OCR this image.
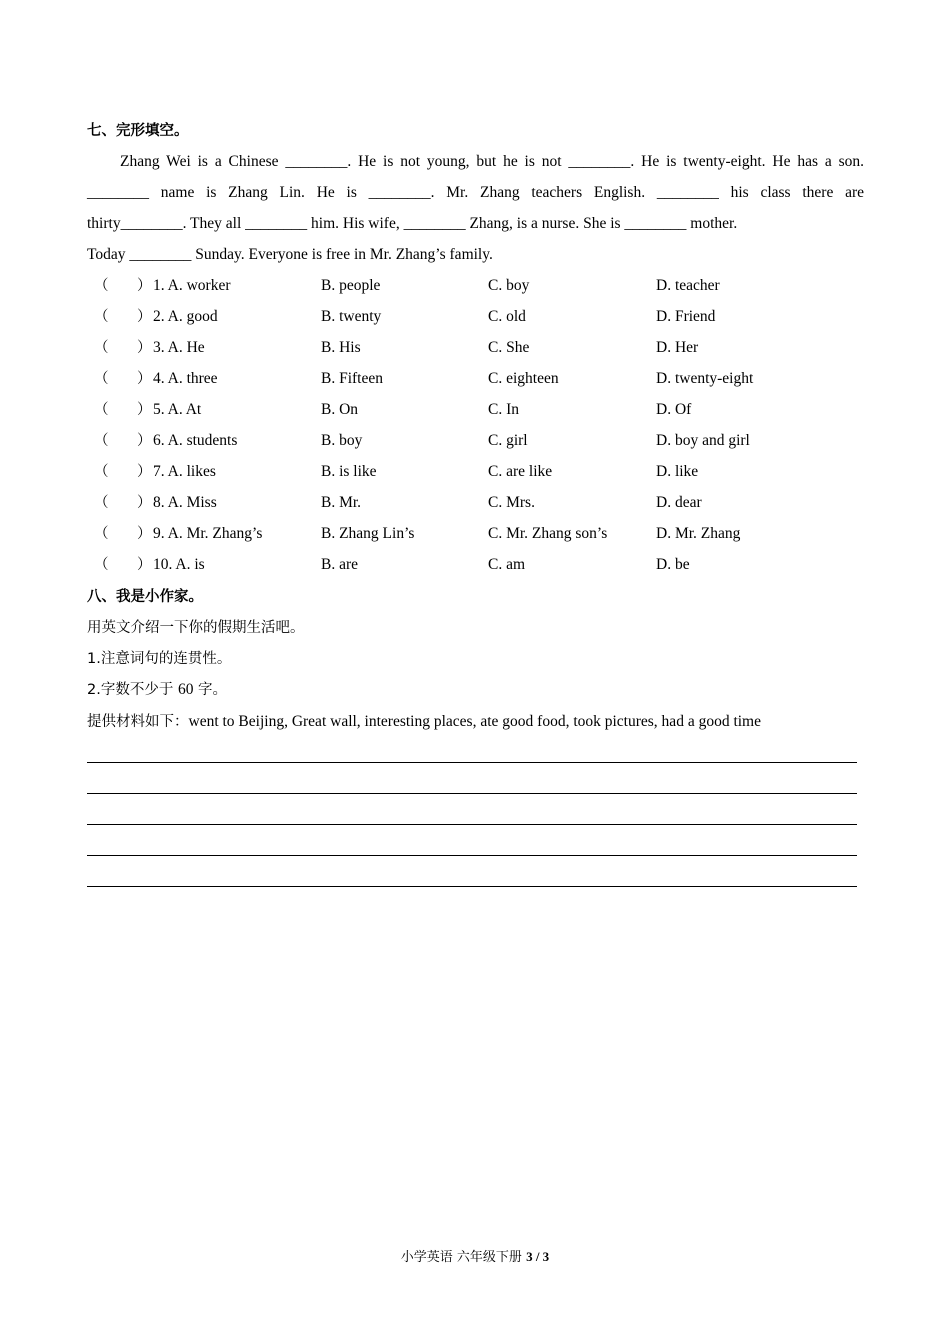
七、完形填空。
Zhang Wei is a Chinese ________. He is not young, but he is not ________. He is twenty-eight. He has a son.
________ name is Zhang Lin. He is ________. Mr. Zhang teachers English. ________ his class there are
thirty________. They all ________ him. His wife, ________ Zhang, is a nurse. She is ________ mother.
Today ________ Sunday. Everyone is free in Mr. Zhang’s family.
（ ） 1. A. worker	B. people	C. boy	D. teacher
（ ） 2. A. good	B. twenty	C. old	D. Friend
（ ） 3. A. He	B. His	C. She	D. Her
（ ） 4. A. three	B. Fifteen	C. eighteen	D. twenty-eight
（ ） 5. A. At	B. On	C. In	D. Of
（ ） 6. A. students	B. boy	C. girl	D. boy and girl
（ ） 7. A. likes	B. is like	C. are like	D. like
（ ） 8. A. Miss	B. Mr.	C. Mrs.	D. dear
（ ） 9. A. Mr. Zhang’s	B. Zhang Lin’s	C. Mr. Zhang son’s	D. Mr. Zhang
（ ） 10. A. is	B. are	C. am	D. be
八、我是小作家。
用英文介绍一下你的假期生活吧。
1.注意词句的连贯性。
2.字数不少于 60 字。
提供材料如下：went to Beijing, Great wall, interesting places, ate good food, took pictures, had a good time
小学英语 六年级下册 3 / 3
